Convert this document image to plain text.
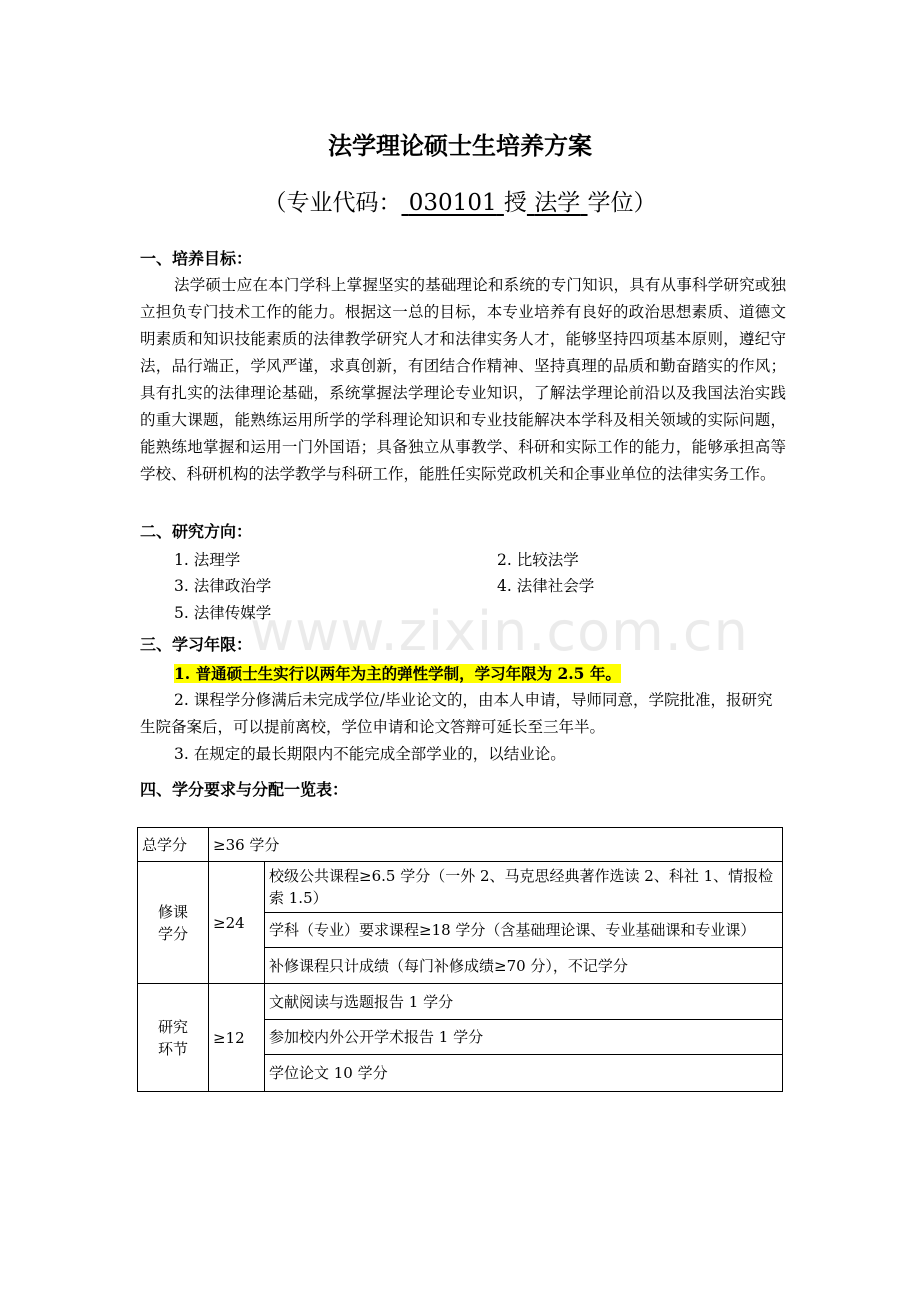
法学理论硕士生培养方案
（专业代码： 030101 授 法学 学位）
一、培养目标：
法学硕士应在本门学科上掌握坚实的基础理论和系统的专门知识，具有从事科学研究或独立担负专门技术工作的能力。根据这一总的目标，本专业培养有良好的政治思想素质、道德文明素质和知识技能素质的法律教学研究人才和法律实务人才，能够坚持四项基本原则，遵纪守法，品行端正，学风严谨，求真创新，有团结合作精神、坚持真理的品质和勤奋踏实的作风；具有扎实的法律理论基础，系统掌握法学理论专业知识，了解法学理论前沿以及我国法治实践的重大课题，能熟练运用所学的学科理论知识和专业技能解决本学科及相关领域的实际问题，能熟练地掌握和运用一门外国语；具备独立从事教学、科研和实际工作的能力，能够承担高等学校、科研机构的法学教学与科研工作，能胜任实际党政机关和企事业单位的法律实务工作。
二、研究方向：
1. 法理学	2. 比较法学
3. 法律政治学	4. 法律社会学
5. 法律传媒学
www.zixin.com.cn
三、学习年限：
1. 普通硕士生实行以两年为主的弹性学制，学习年限为 2.5 年。
2. 课程学分修满后未完成学位/毕业论文的，由本人申请，导师同意，学院批准，报研究生院备案后，可以提前离校，学位申请和论文答辩可延长至三年半。
3. 在规定的最长期限内不能完成全部学业的，以结业论。
四、学分要求与分配一览表：
总学分	≥36 学分	
修课
学分	≥24	校级公共课程≥6.5 学分（一外 2、马克思经典著作选读 2、科社 1、情报检索 1.5）
		学科（专业）要求课程≥18 学分（含基础理论课、专业基础课和专业课）
		补修课程只计成绩（每门补修成绩≥70 分），不记学分
研究
环节	≥12	文献阅读与选题报告 1 学分
		参加校内外公开学术报告 1 学分
		学位论文 10 学分
